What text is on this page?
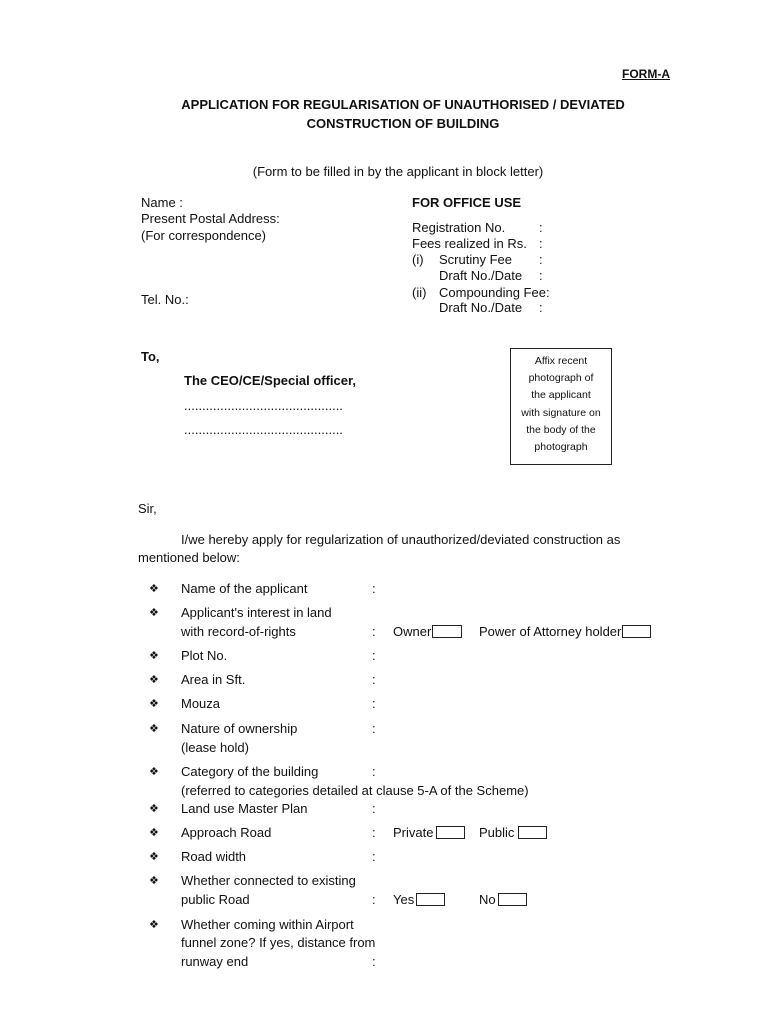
FORM-A
APPLICATION FOR REGULARISATION OF UNAUTHORISED / DEVIATED
CONSTRUCTION OF BUILDING
(Form to be filled in by the applicant in block letter)
Name :
Present Postal Address:
(For correspondence)
Tel. No.:
FOR OFFICE USE
Registration No.	:
Fees realized in Rs. :
(i) Scrutiny Fee :
Draft No./Date :
(ii) Compounding Fee:
Draft No./Date :
To,
The CEO/CE/Special officer,
............................................
............................................
Affix recent
photograph of
the applicant
with signature on
the body of the
photograph
Sir,
I/we hereby apply for regularization of unauthorized/deviated construction as
mentioned below:
❖ Name of the applicant	:
❖ Applicant's interest in land
with record-of-rights	: Owner	Power of Attorney holder
❖ Plot No.	:
❖ Area in Sft.	:
❖ Mouza	:
❖ Nature of ownership	:
(lease hold)
❖ Category of the building	:
(referred to categories detailed at clause 5-A of the Scheme)
❖ Land use Master Plan	:
❖ Approach Road	: Private	Public
❖ Road width	:
❖ Whether connected to existing
public Road	: Yes	No
❖ Whether coming within Airport
funnel zone? If yes, distance from
runway end	:
